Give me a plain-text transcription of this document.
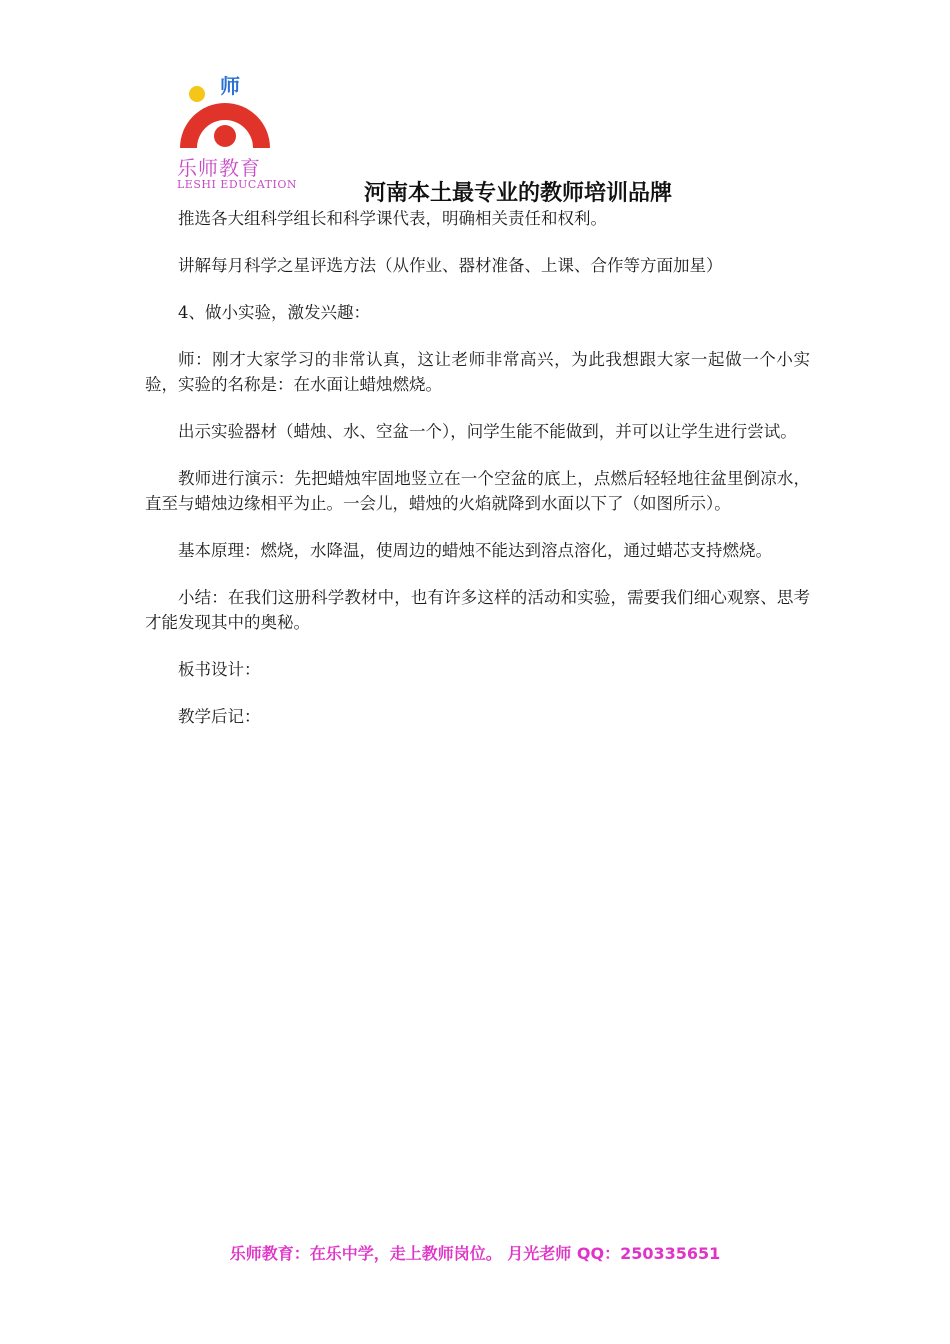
师
乐师教育
LESHI EDUCATION	河南本土最专业的教师培训品牌

推选各大组科学组长和科学课代表，明确相关责任和权利。

讲解每月科学之星评选方法（从作业、器材准备、上课、合作等方面加星）

4、做小实验，激发兴趣：

师：刚才大家学习的非常认真，这让老师非常高兴，为此我想跟大家一起做一个小实验，实验的名称是：在水面让蜡烛燃烧。

出示实验器材（蜡烛、水、空盆一个），问学生能不能做到，并可以让学生进行尝试。

教师进行演示：先把蜡烛牢固地竖立在一个空盆的底上，点燃后轻轻地往盆里倒凉水，直至与蜡烛边缘相平为止。一会儿，蜡烛的火焰就降到水面以下了（如图所示）。

基本原理：燃烧，水降温，使周边的蜡烛不能达到溶点溶化，通过蜡芯支持燃烧。

小结：在我们这册科学教材中，也有许多这样的活动和实验，需要我们细心观察、思考才能发现其中的奥秘。

板书设计：

教学后记：

乐师教育：在乐中学，走上教师岗位。 月光老师 QQ：250335651
